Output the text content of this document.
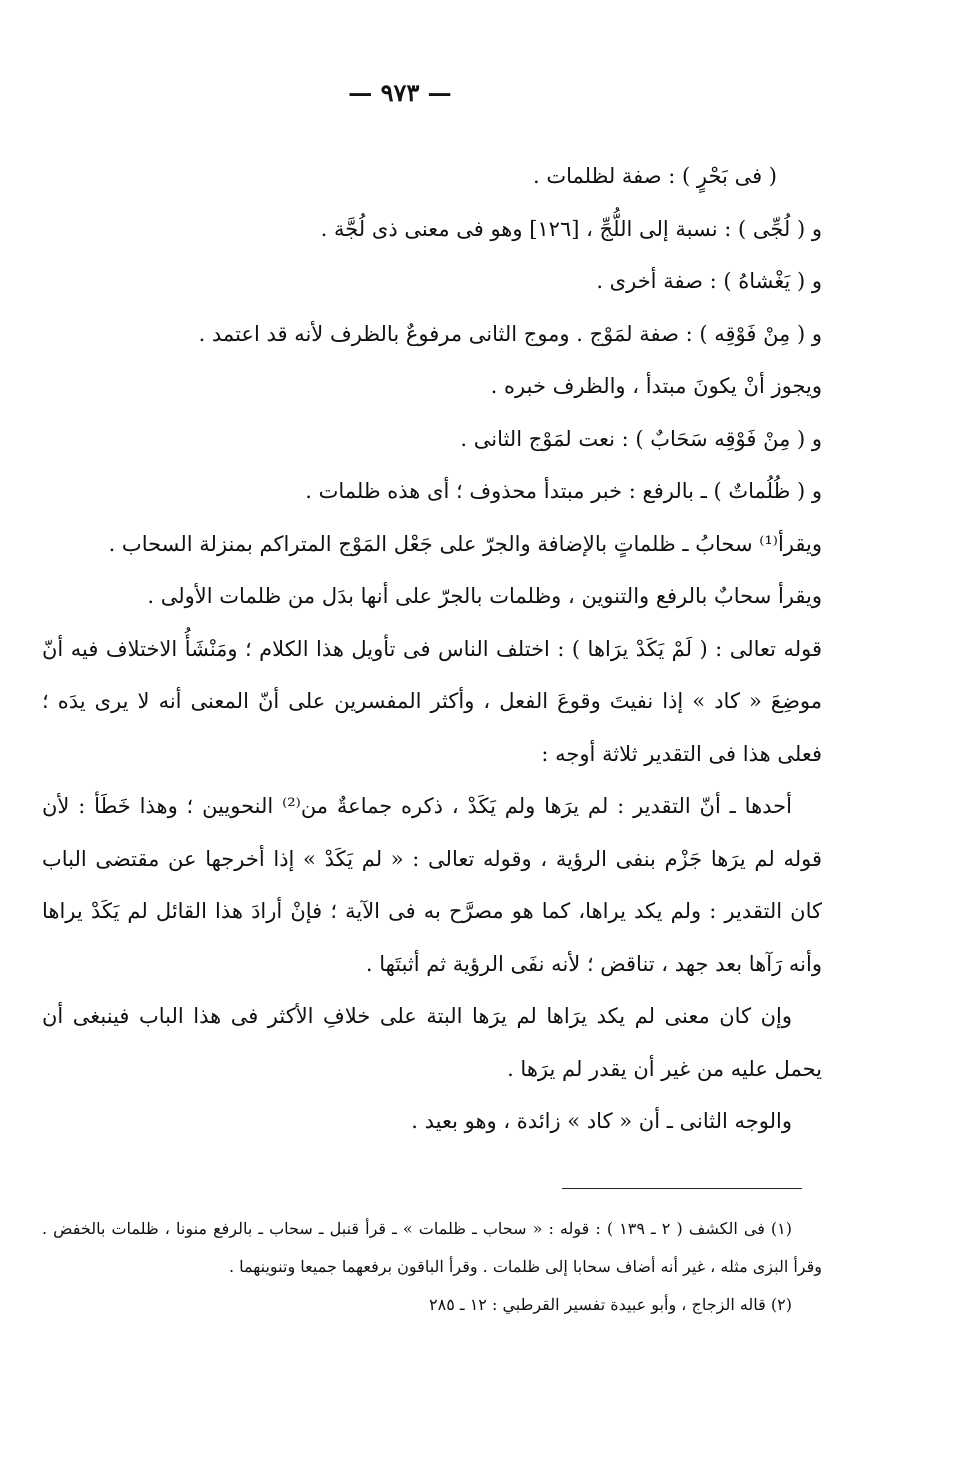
— ٩٧٣ —

( فى بَحْرٍ ) : صفة لظلمات .

و ( لُجِّى ) : نسبة إلى اللُّجِّ ، [١٢٦] وهو فى معنى ذى لُجَّة .

و ( يَغْشاهُ ) : صفة أخرى .

و ( مِنْ فَوْقِه ) : صفة لمَوْج . وموج الثانى مرفوعٌ بالظرف لأنه قد اعتمد .

ويجوز أنْ يكونَ مبتدأ ، والظرف خبره .

و ( مِنْ فَوْقِه سَحَابٌ ) : نعت لمَوْج الثانى .

و ( ظُلُماتٌ ) ـ بالرفع : خبر مبتدأ محذوف ؛ أى هذه ظلمات .

ويقرأ⁽¹⁾ سحابُ ـ ظلماتٍ بالإضافة والجرّ على جَعْل المَوْج المتراكم بمنزلة السحاب .

ويقرأ سحابٌ بالرفع والتنوين ، وظلمات بالجرّ على أنها بدَل من ظلمات الأولى .

قوله تعالى : ( لَمْ يَكَدْ يرَاها ) : اختلف الناس فى تأويل هذا الكلام ؛ ومَنْشَأُ الاختلاف فيه أنّ موضِعَ « كاد » إذا نفيتَ وقوعَ الفعل ، وأكثر المفسرين على أنّ المعنى أنه لا يرى يدَه ؛ فعلى هذا فى التقدير ثلاثة أوجه :

أحدها ـ أنّ التقدير : لم يرَها ولم يَكَدْ ، ذكره جماعةٌ من⁽²⁾ النحويين ؛ وهذا خَطَأ : لأن قوله لم يرَها جَزْم بنفى الرؤية ، وقوله تعالى : « لم يَكَدْ » إذا أخرجها عن مقتضى الباب كان التقدير : ولم يكد يراها، كما هو مصرَّح به فى الآية ؛ فإنْ أرادَ هذا القائل لم يَكَدْ يراها وأنه رَآها بعد جهد ، تناقض ؛ لأنه نفَى الرؤية ثم أثبتَها .

وإن كان معنى لم يكد يرَاها لم يرَها البتة على خلافِ الأكثر فى هذا الباب فينبغى أن يحمل عليه من غير أن يقدر لم يرَها .

والوجه الثانى ـ أن « كاد » زائدة ، وهو بعيد .

(١) فى الكشف ( ٢ ـ ١٣٩ ) : قوله : « سحاب ـ ظلمات » ـ قرأ قنبل ـ سحاب ـ بالرفع منونا ، ظلمات بالخفض . وقرأ البزى مثله ، غير أنه أضاف سحابا إلى ظلمات . وقرأ الباقون برفعهما جميعا وتنوينهما .

(٢) قاله الزجاج ، وأبو عبيدة تفسير القرطبي : ١٢ ـ ٢٨٥
